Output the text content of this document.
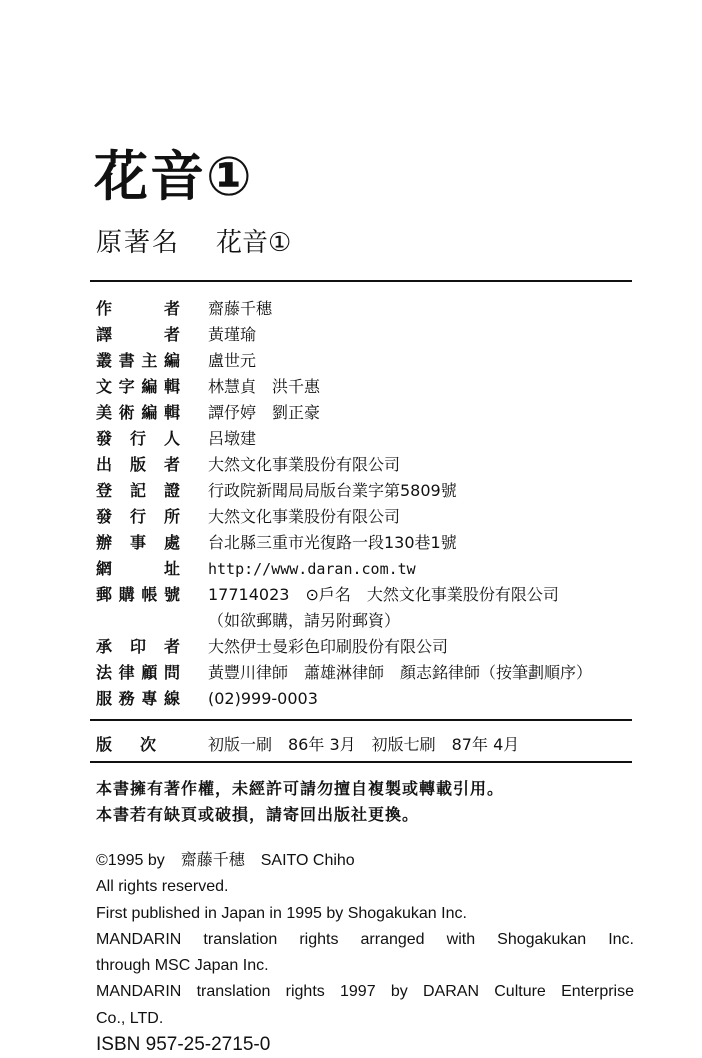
花音①
原著名 花音①
作　者 齋藤千穗
譯　者 黃瑾瑜
叢書主編 盧世元
文字編輯 林慧貞　洪千惠
美術編輯 譚伃婷　劉正豪
發行人 呂墩建
出版者 大然文化事業股份有限公司
登記證 行政院新聞局局版台業字第5809號
發行所 大然文化事業股份有限公司
辦事處 台北縣三重市光復路一段130巷1號
網　址 http://www.daran.com.tw
郵購帳號 17714023　⊙戶名　大然文化事業股份有限公司
（如欲郵購，請另附郵資）
承印者 大然伊士曼彩色印刷股份有限公司
法律顧問 黃豐川律師　蕭雄淋律師　顏志銘律師（按筆劃順序）
服務專線 (02)999-0003
版　次	初版一刷　86年 3月　初版七刷　87年 4月
本書擁有著作權，未經許可請勿擅自複製或轉載引用。
本書若有缺頁或破損，請寄回出版社更換。

©1995 by　齋藤千穗　SAITO Chiho

All rights reserved.

First published in Japan in 1995 by Shogakukan Inc.

MANDARIN translation rights arranged with Shogakukan Inc.

through MSC Japan Inc.

MANDARIN translation rights 1997 by DARAN Culture Enterprise

Co., LTD.

ISBN 957-25-2715-0
